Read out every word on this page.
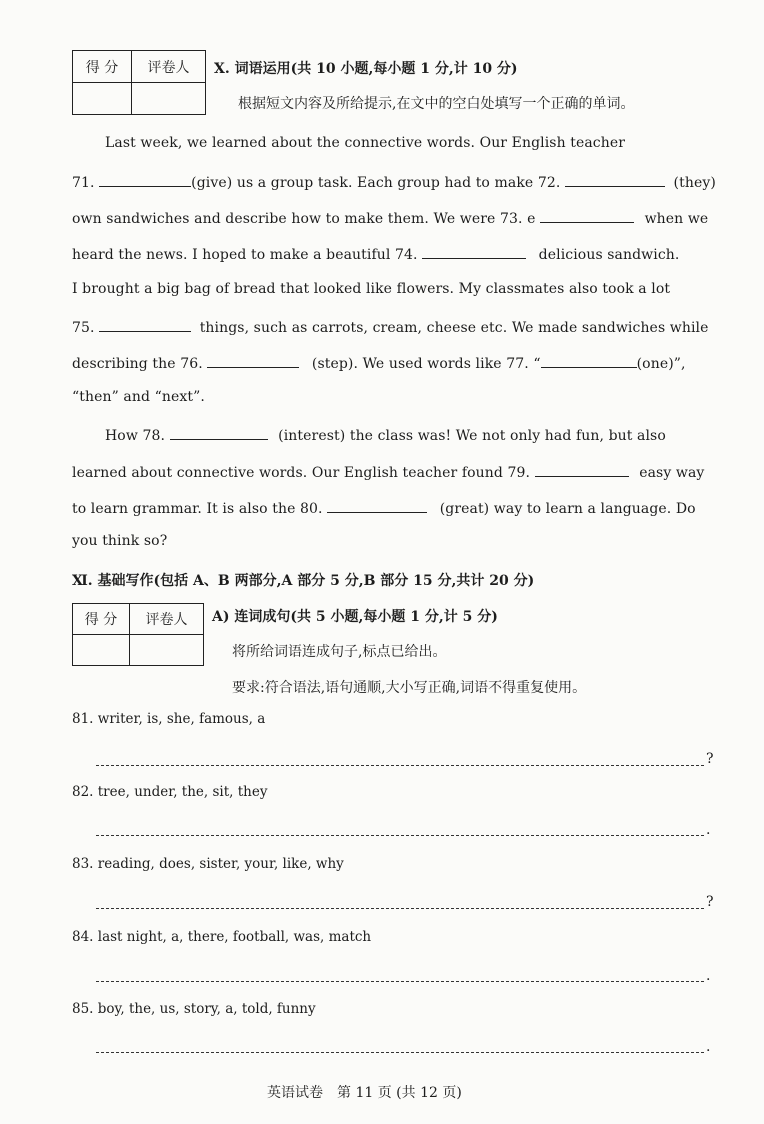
得 分	评卷人
	Ⅹ. 词语运用(共 10 小题,每小题 1 分,计 10 分)
根据短文内容及所给提示,在文中的空白处填写一个正确的单词。
Last week, we learned about the connective words. Our English teacher
71.	(give) us a group task. Each group had to make 72.	(they)
own sandwiches and describe how to make them. We were 73. e	when we
heard the news. I hoped to make a beautiful 74.	delicious sandwich.
I brought a big bag of bread that looked like flowers. My classmates also took a lot
75.	things, such as carrots, cream, cheese etc. We made sandwiches while
describing the 76.	(step). We used words like 77. “	(one)”,
“then” and “next”.
How 78.	(interest) the class was! We not only had fun, but also
learned about connective words. Our English teacher found 79.	easy way
to learn grammar. It is also the 80.	(great) way to learn a language. Do
you think so?
Ⅺ. 基础写作(包括 A、B 两部分,A 部分 5 分,B 部分 15 分,共计 20 分)
得 分	评卷人
	A) 连词成句(共 5 小题,每小题 1 分,计 5 分)
将所给词语连成句子,标点已给出。
要求:符合语法,语句通顺,大小写正确,词语不得重复使用。
81. writer, is, she, famous, a
?
82. tree, under, the, sit, they
.
83. reading, does, sister, your, like, why
?
84. last night, a, there, football, was, match
.
85. boy, the, us, story, a, told, funny
.
英语试卷　第 11 页 (共 12 页)
